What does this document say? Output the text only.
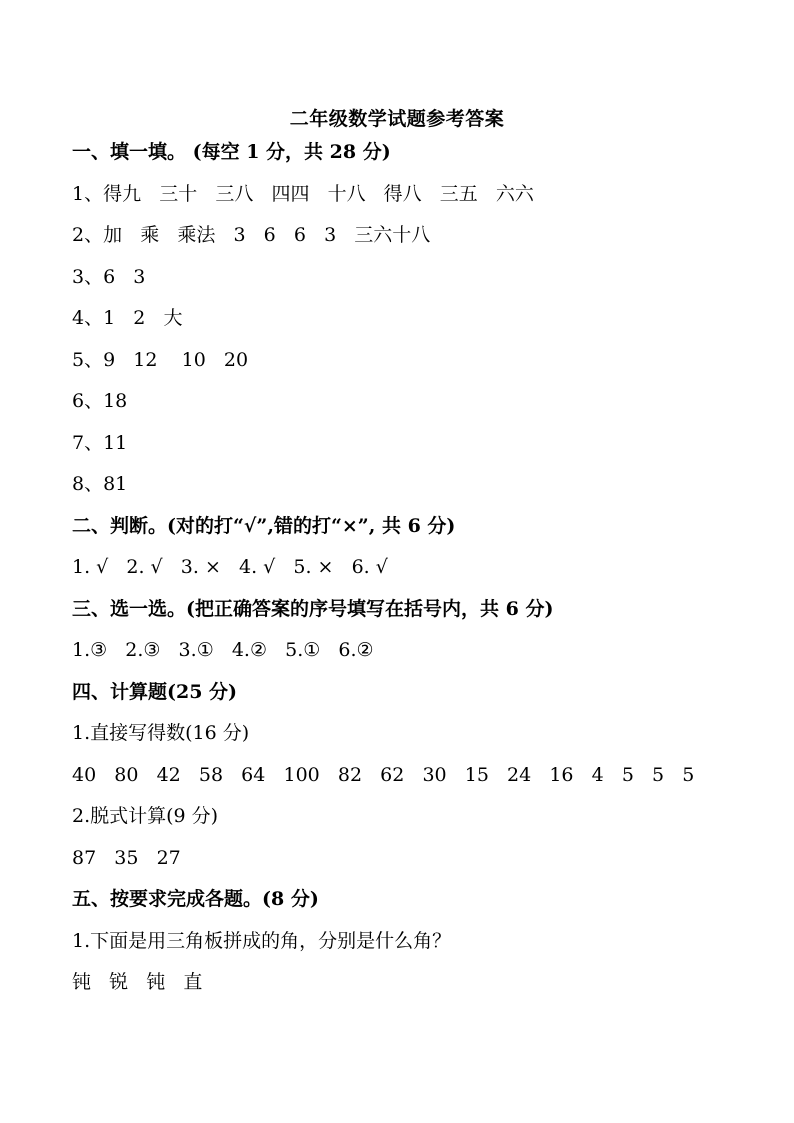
二年级数学试题参考答案
一、填一填。 (每空 1 分，共 28 分)
1、得九   三十   三八   四四   十八   得八   三五   六六
2、加   乘   乘法   3   6   6   3   三六十八
3、6   3
4、1   2   大
5、9   12    10   20
6、18
7、11
8、81
二、判断。(对的打“√”,错的打“×”, 共 6 分)
1. √   2. √   3. ×   4. √   5. ×   6. √
三、选一选。(把正确答案的序号填写在括号内，共 6 分)
1.③   2.③   3.①   4.②   5.①   6.②
四、计算题(25 分)
1.直接写得数(16 分)
40   80   42   58   64   100   82   62   30   15   24   16   4   5   5   5
2.脱式计算(9 分)
87   35   27
五、按要求完成各题。(8 分)
1.下面是用三角板拼成的角，分别是什么角？
钝   锐   钝   直
